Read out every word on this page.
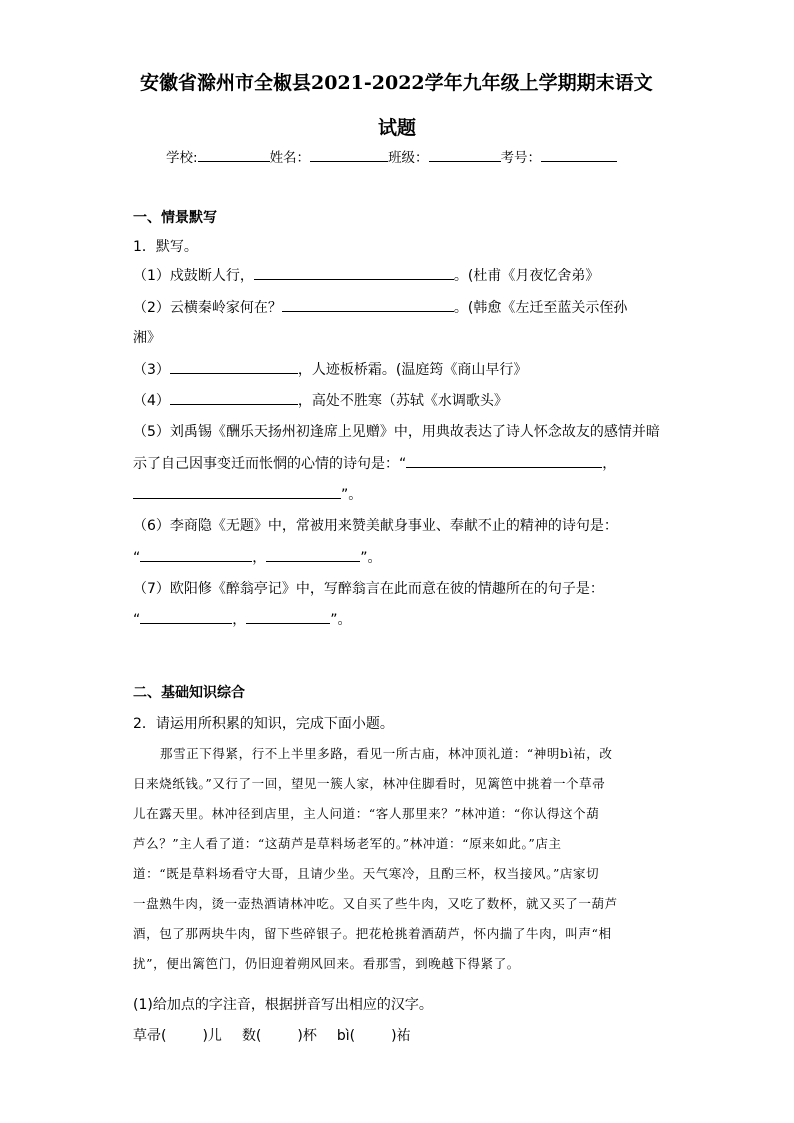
安徽省滁州市全椒县2021-2022学年九年级上学期期末语文
试题
学校:	姓名：	班级：	考号：
一、情景默写
1．默写。
（1）戍鼓断人行，	。(杜甫《月夜忆舍弟》
（2）云横秦岭家何在？	。(韩愈《左迁至蓝关示侄孙
湘》
（3）	，人迹板桥霜。(温庭筠《商山早行》
（4）	，高处不胜寒（苏轼《水调歌头》
（5）刘禹锡《酬乐天扬州初逢席上见赠》中，用典故表达了诗人怀念故友的感情并暗
示了自己因事变迁而怅惘的心情的诗句是：“	，
”。
（6）李商隐《无题》中，常被用来赞美献身事业、奉献不止的精神的诗句是：
“	，	”。
（7）欧阳修《醉翁亭记》中，写醉翁言在此而意在彼的情趣所在的句子是：
“	，	”。
二、基础知识综合
2．请运用所积累的知识，完成下面小题。
那雪正下得紧，行不上半里多路，看见一所古庙，林冲顶礼道：“神明bì祐，改
日来烧纸钱。”又行了一回，望见一簇人家，林冲住脚看时，见篱笆中挑着一个草帚
儿在露天里。林冲径到店里，主人问道：“客人那里来？”林冲道：“你认得这个葫
芦么？”主人看了道：“这葫芦是草料场老军的。”林冲道：“原来如此。”店主
道：“既是草料场看守大哥，且请少坐。天气寒冷，且酌三杯，权当接风。”店家切
一盘熟牛肉，烫一壶热酒请林冲吃。又自买了些牛肉，又吃了数杯，就又买了一葫芦
酒，包了那两块牛肉，留下些碎银子。把花枪挑着酒葫芦，怀内揣了牛肉，叫声“相
扰”，便出篱笆门，仍旧迎着朔风回来。看那雪，到晚越下得紧了。
(1)给加点的字注音，根据拼音写出相应的汉字。
草帚(	)儿 数(	)杯 bì(	)祐
